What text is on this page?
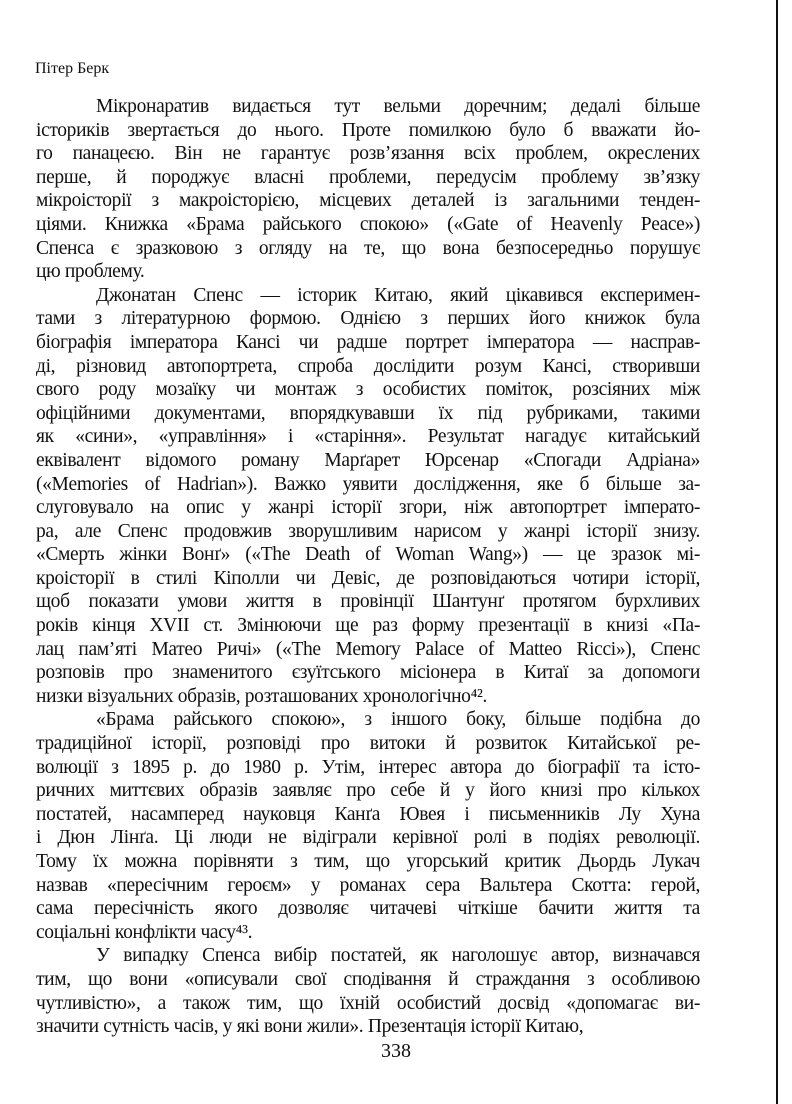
Пітер Берк
Мікронаратив видається тут вельми доречним; дедалі більше
істориків звертається до нього. Проте помилкою було б вважати йо-
го панацеєю. Він не гарантує розв’язання всіх проблем, окреслених
перше, й породжує власні проблеми, передусім проблему зв’язку
мікроісторії з макроісторією, місцевих деталей із загальними тенден-
ціями. Книжка «Брама райського спокою» («Gate of Heavenly Peace»)
Спенса є зразковою з огляду на те, що вона безпосередньо порушує
цю проблему.
Джонатан Спенс — історик Китаю, який цікавився експеримен-
тами з літературною формою. Однією з перших його книжок була
біографія імператора Кансі чи радше портрет імператора — насправ-
ді, різновид автопортрета, спроба дослідити розум Кансі, створивши
свого роду мозаїку чи монтаж з особистих поміток, розсіяних між
офіційними документами, впорядкувавши їх під рубриками, такими
як «сини», «управління» і «старіння». Результат нагадує китайський
еквівалент відомого роману Марґарет Юрсенар «Спогади Адріана»
(«Memories of Hadrian»). Важко уявити дослідження, яке б більше за-
слуговувало на опис у жанрі історії згори, ніж автопортрет імперато-
ра, але Спенс продовжив зворушливим нарисом у жанрі історії знизу.
«Смерть жінки Вонґ» («The Death of Woman Wang») — це зразок мі-
кроісторії в стилі Кіполли чи Девіс, де розповідаються чотири історії,
щоб показати умови життя в провінції Шантунґ протягом бурхливих
років кінця XVII ст. Змінюючи ще раз форму презентації в книзі «Па-
лац пам’яті Матео Ричі» («The Memory Palace of Matteo Ricci»), Спенс
розповів про знаменитого єзуїтського місіонера в Китаї за допомоги
низки візуальних образів, розташованих хронологічно⁴².
«Брама райського спокою», з іншого боку, більше подібна до
традиційної історії, розповіді про витоки й розвиток Китайської ре-
волюції з 1895 р. до 1980 р. Утім, інтерес автора до біографії та істо-
ричних миттєвих образів заявляє про себе й у його книзі про кількох
постатей, насамперед науковця Канґа Ювея і письменників Лу Хуна
і Дюн Лінґа. Ці люди не відіграли керівної ролі в подіях революції.
Тому їх можна порівняти з тим, що угорський критик Дьордь Лукач
назвав «пересічним героєм» у романах сера Вальтера Скотта: герой,
сама пересічність якого дозволяє читачеві чіткіше бачити життя та
соціальні конфлікти часу⁴³.
У випадку Спенса вибір постатей, як наголошує автор, визначався
тим, що вони «описували свої сподівання й страждання з особливою
чутливістю», а також тим, що їхній особистий досвід «допомагає ви-
значити сутність часів, у які вони жили». Презентація історії Китаю,
338
